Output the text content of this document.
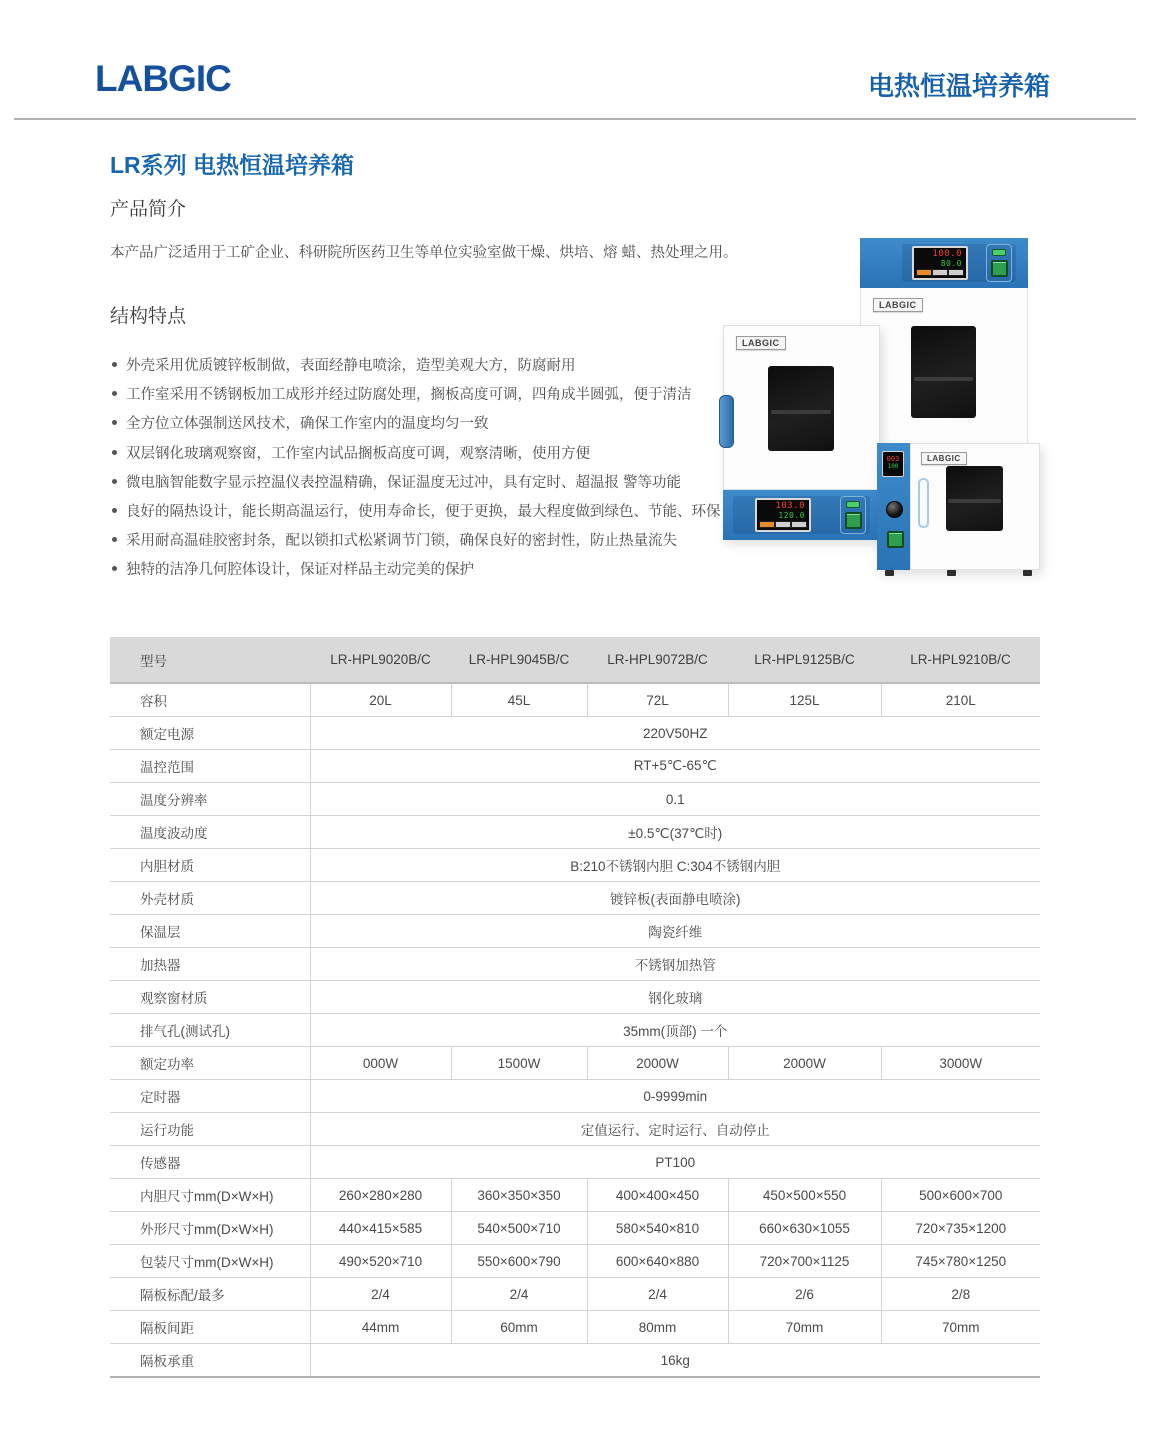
LABGIC	电热恒温培养箱
LR系列 电热恒温培养箱
产品简介
本产品广泛适用于工矿企业、科研院所医药卫生等单位实验室做干燥、烘培、熔 蜡、热处理之用。
结构特点
外壳采用优质镀锌板制做，表面经静电喷涂，造型美观大方，防腐耐用
工作室采用不锈钢板加工成形并经过防腐处理，搁板高度可调，四角成半圆弧，便于清洁
全方位立体强制送风技术，确保工作室内的温度均匀一致
双层钢化玻璃观察窗，工作室内试品搁板高度可调，观察清晰，使用方便
微电脑智能数字显示控温仪表控温精确，保证温度无过冲，具有定时、超温报 警等功能
良好的隔热设计，能长期高温运行，使用寿命长，便于更换，最大程度做到绿色、节能、环保
采用耐高温硅胶密封条，配以锁扣式松紧调节门锁，确保良好的密封性，防止热量流失
独特的洁净几何腔体设计，保证对样品主动完美的保护
100.0
80.0
LABGIC
LABGIC
103.0
120.0
003
100
LABGIC
型号	LR-HPL9020B/C	LR-HPL9045B/C	LR-HPL9072B/C	LR-HPL9125B/C	LR-HPL9210B/C
容积	20L	45L	72L	125L	210L
额定电源	220V50HZ				
温控范围	RT+5℃-65℃				
温度分辨率	0.1				
温度波动度	±0.5℃(37℃时)				
内胆材质	B:210不锈钢内胆 C:304不锈钢内胆				
外壳材质	镀锌板(表面静电喷涂)				
保温层	陶瓷纤维				
加热器	不锈钢加热管				
观察窗材质	钢化玻璃				
排气孔(测试孔)	35mm(顶部) 一个				
额定功率	000W	1500W	2000W	2000W	3000W
定时器	0-9999min				
运行功能	定值运行、定时运行、自动停止				
传感器	PT100				
内胆尺寸mm(D×W×H)	260×280×280	360×350×350	400×400×450	450×500×550	500×600×700
外形尺寸mm(D×W×H)	440×415×585	540×500×710	580×540×810	660×630×1055	720×735×1200
包装尺寸mm(D×W×H)	490×520×710	550×600×790	600×640×880	720×700×1125	745×780×1250
隔板标配/最多	2/4	2/4	2/4	2/6	2/8
隔板间距	44mm	60mm	80mm	70mm	70mm
隔板承重	16kg				
